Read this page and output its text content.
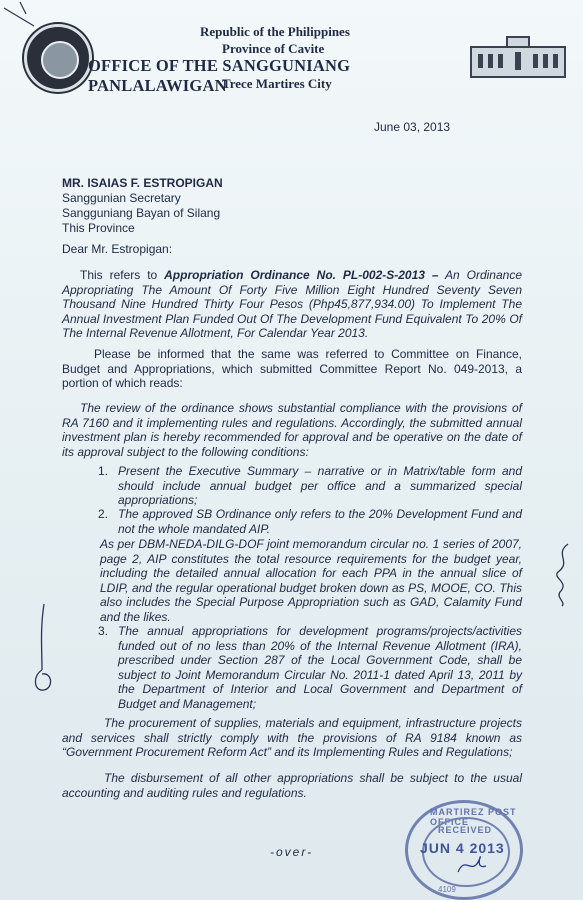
Republic of the Philippines
Province of Cavite
OFFICE OF THE SANGGUNIANG PANLALAWIGAN
Trece Martires City
June 03, 2013
MR. ISAIAS F. ESTROPIGAN
Sanggunian Secretary
Sangguniang Bayan of Silang
This Province
Dear Mr. Estropigan:
This refers to Appropriation Ordinance No. PL-002-S-2013 – An Ordinance Appropriating The Amount Of Forty Five Million Eight Hundred Seventy Seven Thousand Nine Hundred Thirty Four Pesos (Php45,877,934.00) To Implement The Annual Investment Plan Funded Out Of The Development Fund Equivalent To 20% Of The Internal Revenue Allotment, For Calendar Year 2013.
Please be informed that the same was referred to Committee on Finance, Budget and Appropriations, which submitted Committee Report No. 049-2013, a portion of which reads:
The review of the ordinance shows substantial compliance with the provisions of RA 7160 and it implementing rules and regulations. Accordingly, the submitted annual investment plan is hereby recommended for approval and be operative on the date of its approval subject to the following conditions:
1. Present the Executive Summary – narrative or in Matrix/table form and should include annual budget per office and a summarized special appropriations;
2. The approved SB Ordinance only refers to the 20% Development Fund and not the whole mandated AIP.
As per DBM-NEDA-DILG-DOF joint memorandum circular no. 1 series of 2007, page 2, AIP constitutes the total resource requirements for the budget year, including the detailed annual allocation for each PPA in the annual slice of LDIP, and the regular operational budget broken down as PS, MOOE, CO. This also includes the Special Purpose Appropriation such as GAD, Calamity Fund and the likes.
3. The annual appropriations for development programs/projects/activities funded out of no less than 20% of the Internal Revenue Allotment (IRA), prescribed under Section 287 of the Local Government Code, shall be subject to Joint Memorandum Circular No. 2011-1 dated April 13, 2011 by the Department of Interior and Local Government and Department of Budget and Management;
The procurement of supplies, materials and equipment, infrastructure projects and services shall strictly comply with the provisions of RA 9184 known as “Government Procurement Reform Act” and its Implementing Rules and Regulations;
The disbursement of all other appropriations shall be subject to the usual accounting and auditing rules and regulations.
-over-
MARTIREZ POST OFFICE
RECEIVED
JUN 4 2013
4109
